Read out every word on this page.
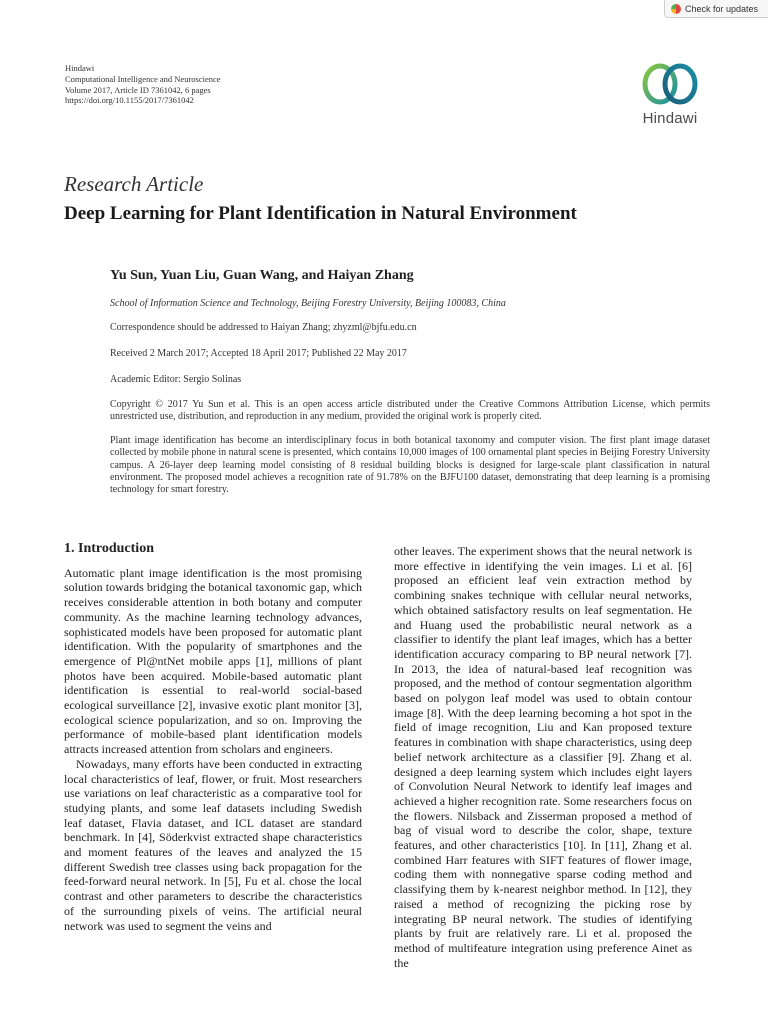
Check for updates
Hindawi
Computational Intelligence and Neuroscience
Volume 2017, Article ID 7361042, 6 pages
https://doi.org/10.1155/2017/7361042
Hindawi
Research Article
Deep Learning for Plant Identification in Natural Environment
Yu Sun, Yuan Liu, Guan Wang, and Haiyan Zhang
School of Information Science and Technology, Beijing Forestry University, Beijing 100083, China
Correspondence should be addressed to Haiyan Zhang; zhyzml@bjfu.edu.cn
Received 2 March 2017; Accepted 18 April 2017; Published 22 May 2017
Academic Editor: Sergio Solinas
Copyright © 2017 Yu Sun et al. This is an open access article distributed under the Creative Commons Attribution License, which permits unrestricted use, distribution, and reproduction in any medium, provided the original work is properly cited.
Plant image identification has become an interdisciplinary focus in both botanical taxonomy and computer vision. The first plant image dataset collected by mobile phone in natural scene is presented, which contains 10,000 images of 100 ornamental plant species in Beijing Forestry University campus. A 26-layer deep learning model consisting of 8 residual building blocks is designed for large-scale plant classification in natural environment. The proposed model achieves a recognition rate of 91.78% on the BJFU100 dataset, demonstrating that deep learning is a promising technology for smart forestry.
1. Introduction

Automatic plant image identification is the most promising solution towards bridging the botanical taxonomic gap, which receives considerable attention in both botany and computer community. As the machine learning technology advances, sophisticated models have been proposed for automatic plant identification. With the popularity of smartphones and the emergence of Pl@ntNet mobile apps [1], millions of plant photos have been acquired. Mobile-based automatic plant identification is essential to real-world social-based ecological surveillance [2], invasive exotic plant monitor [3], ecological science popularization, and so on. Improving the performance of mobile-based plant identification models attracts increased attention from scholars and engineers.

Nowadays, many efforts have been conducted in extracting local characteristics of leaf, flower, or fruit. Most researchers use variations on leaf characteristic as a comparative tool for studying plants, and some leaf datasets including Swedish leaf dataset, Flavia dataset, and ICL dataset are standard benchmark. In [4], Söderkvist extracted shape characteristics and moment features of the leaves and analyzed the 15 different Swedish tree classes using back propagation for the feed-forward neural network. In [5], Fu et al. chose the local contrast and other parameters to describe the characteristics of the surrounding pixels of veins. The artificial neural network was used to segment the veins and

other leaves. The experiment shows that the neural network is more effective in identifying the vein images. Li et al. [6] proposed an efficient leaf vein extraction method by combining snakes technique with cellular neural networks, which obtained satisfactory results on leaf segmentation. He and Huang used the probabilistic neural network as a classifier to identify the plant leaf images, which has a better identification accuracy comparing to BP neural network [7]. In 2013, the idea of natural-based leaf recognition was proposed, and the method of contour segmentation algorithm based on polygon leaf model was used to obtain contour image [8]. With the deep learning becoming a hot spot in the field of image recognition, Liu and Kan proposed texture features in combination with shape characteristics, using deep belief network architecture as a classifier [9]. Zhang et al. designed a deep learning system which includes eight layers of Convolution Neural Network to identify leaf images and achieved a higher recognition rate. Some researchers focus on the flowers. Nilsback and Zisserman proposed a method of bag of visual word to describe the color, shape, texture features, and other characteristics [10]. In [11], Zhang et al. combined Harr features with SIFT features of flower image, coding them with nonnegative sparse coding method and classifying them by k-nearest neighbor method. In [12], they raised a method of recognizing the picking rose by integrating BP neural network. The studies of identifying plants by fruit are relatively rare. Li et al. proposed the method of multifeature integration using preference Ainet as the
